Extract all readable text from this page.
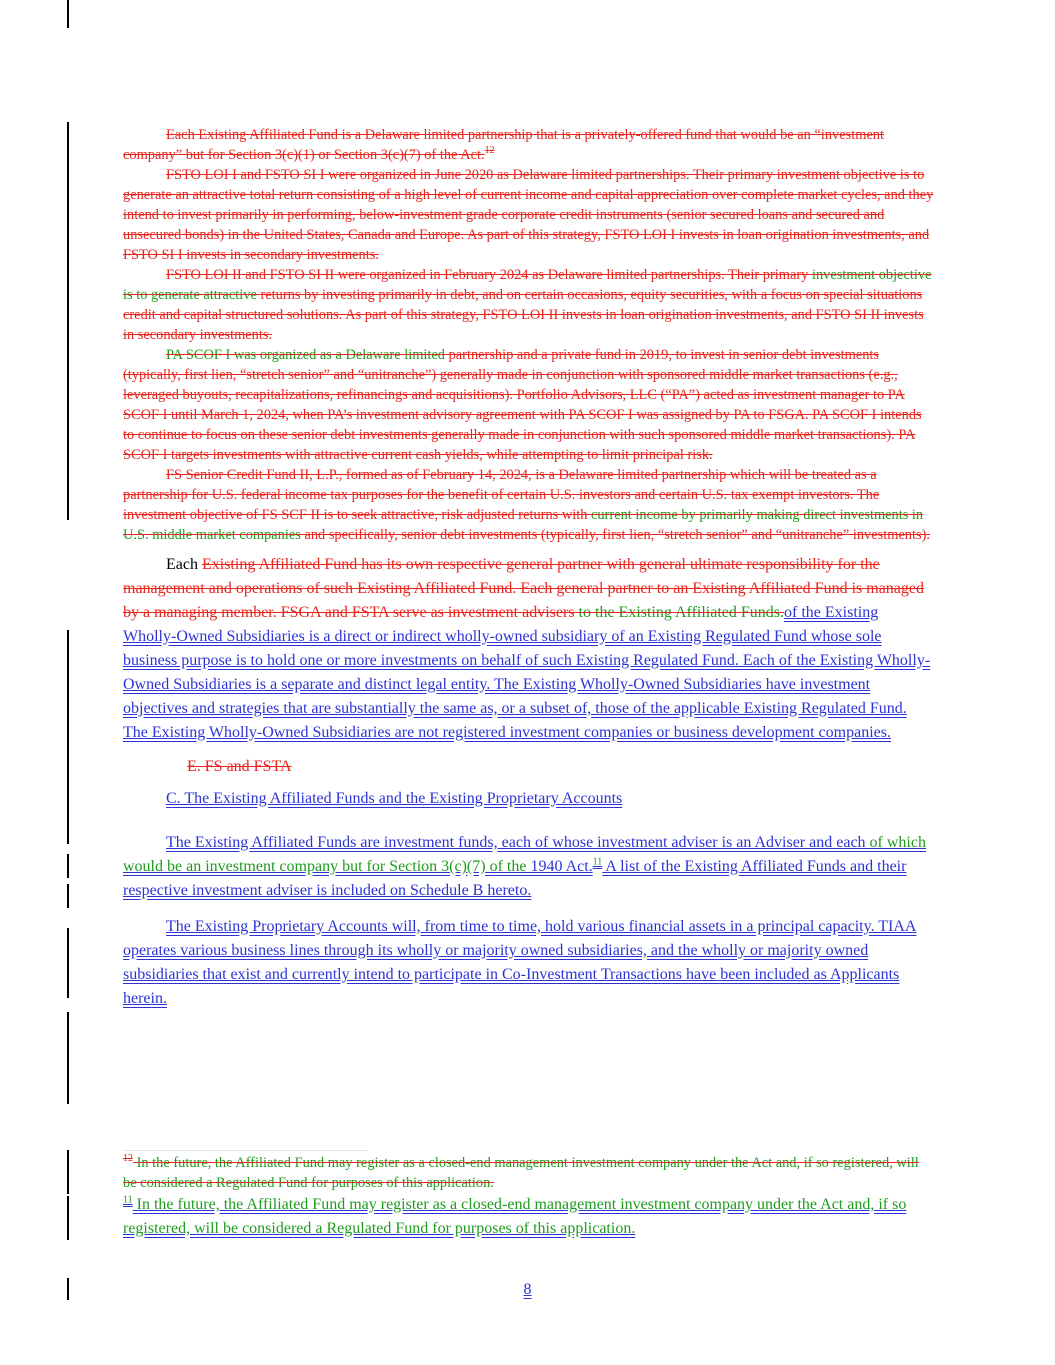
Each Existing Affiliated Fund is a Delaware limited partnership that is a privately-offered fund that would be an “investment company” but for Section 3(c)(1) or Section 3(c)(7) of the Act.$^{12}$

FSTO LOI I and FSTO SI I were organized in June 2020 as Delaware limited partnerships. Their primary investment objective is to generate an attractive total return consisting of a high level of current income and capital appreciation over complete market cycles, and they intend to invest primarily in performing, below-investment grade corporate credit instruments (senior secured loans and secured and unsecured bonds) in the United States, Canada and Europe. As part of this strategy, FSTO LOI I invests in loan origination investments, and FSTO SI I invests in secondary investments.

FSTO LOI II and FSTO SI II were organized in February 2024 as Delaware limited partnerships. Their primary investment objective is to generate attractive returns by investing primarily in debt, and on certain occasions, equity securities, with a focus on special situations credit and capital structured solutions. As part of this strategy, FSTO LOI II invests in loan origination investments, and FSTO SI II invests in secondary investments.

PA SCOF I was organized as a Delaware limited partnership and a private fund in 2019, to invest in senior debt investments (typically, first lien, “stretch senior” and “unitranche”) generally made in conjunction with sponsored middle market transactions (e.g., leveraged buyouts, recapitalizations, refinancings and acquisitions). Portfolio Advisors, LLC (“PA”) acted as investment manager to PA SCOF I until March 1, 2024, when PA’s investment advisory agreement with PA SCOF I was assigned by PA to FSGA. PA SCOF I intends to continue to focus on these senior debt investments generally made in conjunction with such sponsored middle market transactions). PA SCOF I targets investments with attractive current cash yields, while attempting to limit principal risk.

FS Senior Credit Fund II, L.P., formed as of February 14, 2024, is a Delaware limited partnership which will be treated as a partnership for U.S. federal income tax purposes for the benefit of certain U.S. investors and certain U.S. tax exempt investors. The investment objective of FS SCF II is to seek attractive, risk adjusted returns with current income by primarily making direct investments in U.S. middle market companies and specifically, senior debt investments (typically, first lien, “stretch senior” and “unitranche” investments).

Each Existing Affiliated Fund has its own respective general partner with general ultimate responsibility for the management and operations of such Existing Affiliated Fund. Each general partner to an Existing Affiliated Fund is managed by a managing member. FSGA and FSTA serve as investment advisers to the Existing Affiliated Funds.of the Existing Wholly-Owned Subsidiaries is a direct or indirect wholly-owned subsidiary of an Existing Regulated Fund whose sole business purpose is to hold one or more investments on behalf of such Existing Regulated Fund. Each of the Existing Wholly-Owned Subsidiaries is a separate and distinct legal entity. The Existing Wholly-Owned Subsidiaries have investment objectives and strategies that are substantially the same as, or a subset of, those of the applicable Existing Regulated Fund. The Existing Wholly-Owned Subsidiaries are not registered investment companies or business development companies.

E. FS and FSTA

C. The Existing Affiliated Funds and the Existing Proprietary Accounts

The Existing Affiliated Funds are investment funds, each of whose investment adviser is an Adviser and each of which would be an investment company but for Section 3(c)(7) of the 1940 Act.$^{11}$ A list of the Existing Affiliated Funds and their respective investment adviser is included on Schedule B hereto.

The Existing Proprietary Accounts will, from time to time, hold various financial assets in a principal capacity. TIAA operates various business lines through its wholly or majority owned subsidiaries, and the wholly or majority owned subsidiaries that exist and currently intend to participate in Co-Investment Transactions have been included as Applicants herein.

$^{12}$ In the future, the Affiliated Fund may register as a closed-end management investment company under the Act and, if so registered, will be considered a Regulated Fund for purposes of this application.

$^{11}$ In the future, the Affiliated Fund may register as a closed-end management investment company under the Act and, if so registered, will be considered a Regulated Fund for purposes of this application.

8
